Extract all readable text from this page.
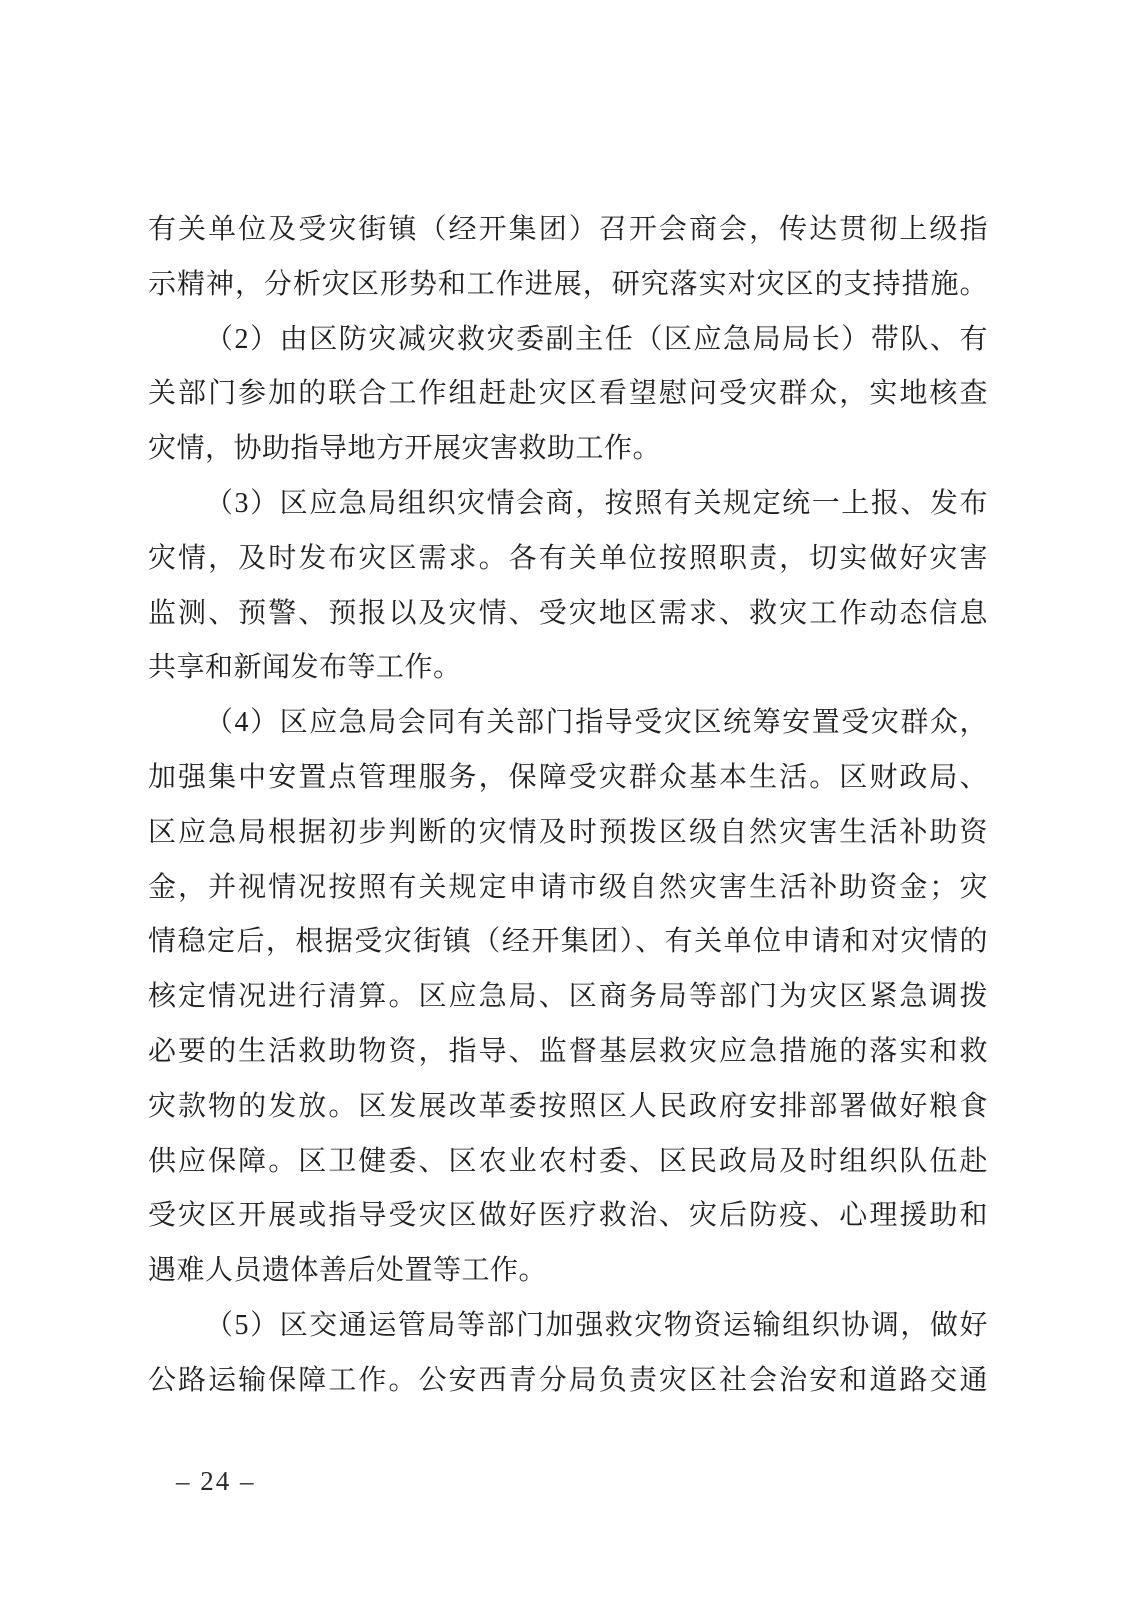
有关单位及受灾街镇（经开集团）召开会商会，传达贯彻上级指
示精神，分析灾区形势和工作进展，研究落实对灾区的支持措施。
（2）由区防灾减灾救灾委副主任（区应急局局长）带队、有
关部门参加的联合工作组赶赴灾区看望慰问受灾群众，实地核查
灾情，协助指导地方开展灾害救助工作。
（3）区应急局组织灾情会商，按照有关规定统一上报、发布
灾情，及时发布灾区需求。各有关单位按照职责，切实做好灾害
监测、预警、预报以及灾情、受灾地区需求、救灾工作动态信息
共享和新闻发布等工作。
（4）区应急局会同有关部门指导受灾区统筹安置受灾群众，
加强集中安置点管理服务，保障受灾群众基本生活。区财政局、
区应急局根据初步判断的灾情及时预拨区级自然灾害生活补助资
金，并视情况按照有关规定申请市级自然灾害生活补助资金；灾
情稳定后，根据受灾街镇（经开集团）、有关单位申请和对灾情的
核定情况进行清算。区应急局、区商务局等部门为灾区紧急调拨
必要的生活救助物资，指导、监督基层救灾应急措施的落实和救
灾款物的发放。区发展改革委按照区人民政府安排部署做好粮食
供应保障。区卫健委、区农业农村委、区民政局及时组织队伍赴
受灾区开展或指导受灾区做好医疗救治、灾后防疫、心理援助和
遇难人员遗体善后处置等工作。
（5）区交通运管局等部门加强救灾物资运输组织协调，做好
公路运输保障工作。公安西青分局负责灾区社会治安和道路交通
– 24 –
